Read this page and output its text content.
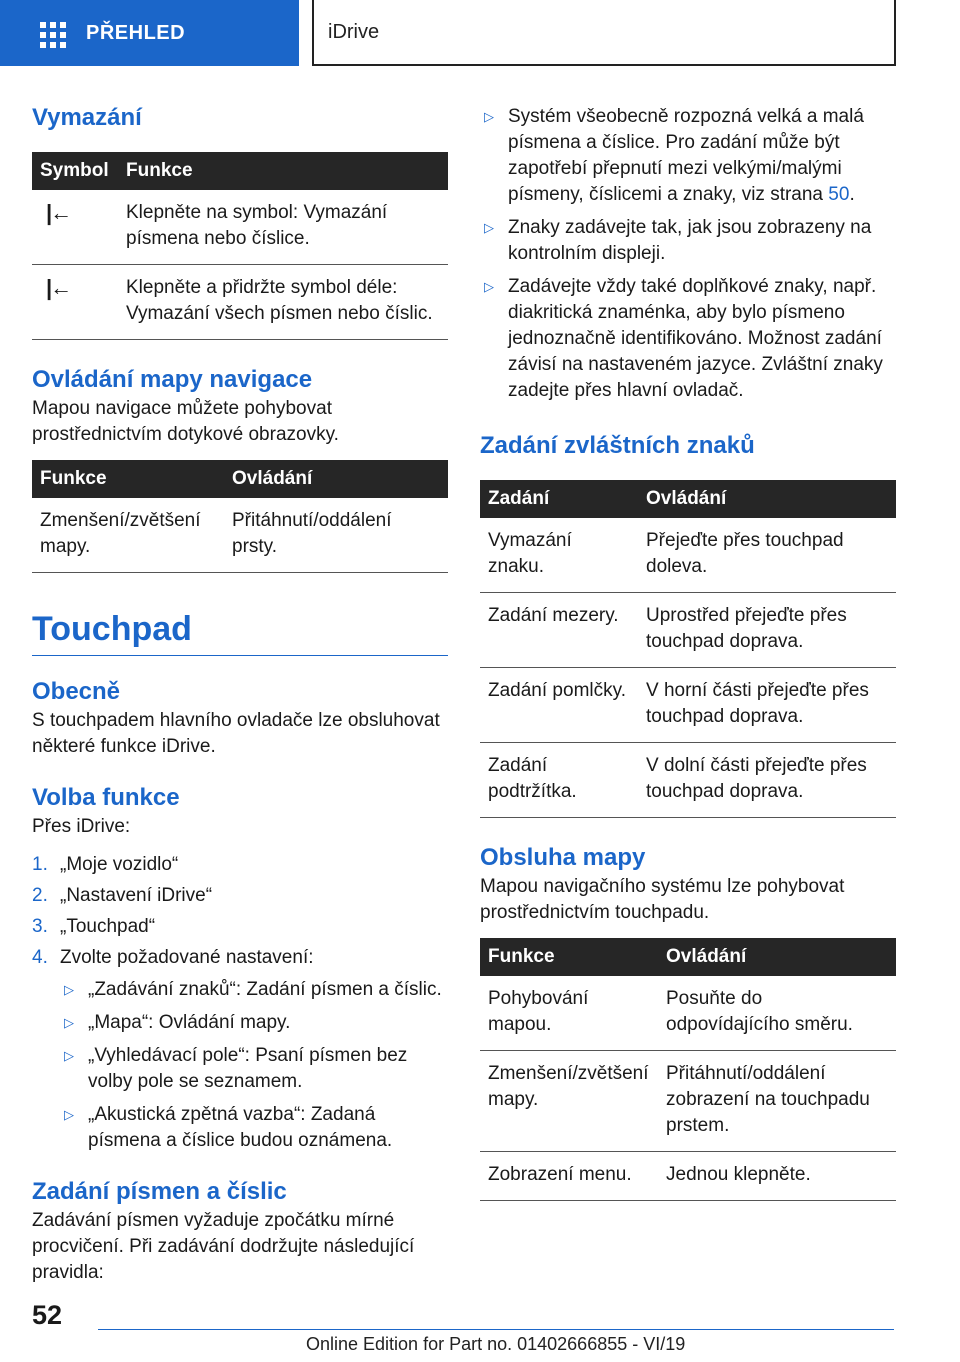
PŘEHLED	iDrive
Vymazání
Symbol	Funkce
|←	Klepněte na symbol: Vymazání písmena nebo číslice.
|←	Klepněte a přidržte symbol déle: Vymazání všech písmen nebo číslic.
Ovládání mapy navigace

Mapou navigace můžete pohybovat prostřednictvím dotykové obrazovky.

Funkce	Ovládání
Zmenšení/zvětšení mapy.	Přitáhnutí/oddálení prsty.
Touchpad
Obecně

S touchpadem hlavního ovladače lze obsluhovat některé funkce iDrive.

Volba funkce

Přes iDrive:

1. „Moje vozidlo“
2. „Nastavení iDrive“
3. „Touchpad“
4. Zvolte požadované nastavení:
▷ „Zadávání znaků“: Zadání písmen a číslic.
▷ „Mapa“: Ovládání mapy.
▷ „Vyhledávací pole“: Psaní písmen bez volby pole se seznamem.
▷ „Akustická zpětná vazba“: Zadaná písmena a číslice budou oznámena.
Zadání písmen a číslic

Zadávání písmen vyžaduje zpočátku mírné procvičení. Při zadávání dodržujte následující pravidla:

▷ Systém všeobecně rozpozná velká a malá písmena a číslice. Pro zadání může být zapotřebí přepnutí mezi velkými/malými písmeny, číslicemi a znaky, viz strana 50.
▷ Znaky zadávejte tak, jak jsou zobrazeny na kontrolním displeji.
▷ Zadávejte vždy také doplňkové znaky, např. diakritická znaménka, aby bylo písmeno jednoznačně identifikováno. Možnost zadání závisí na nastaveném jazyce. Zvláštní znaky zadejte přes hlavní ovladač.
Zadání zvláštních znaků
Zadání	Ovládání
Vymazání znaku.	Přejeďte přes touchpad doleva.
Zadání mezery.	Uprostřed přejeďte přes touchpad doprava.
Zadání pomlčky.	V horní části přejeďte přes touchpad doprava.
Zadání podtržítka.	V dolní části přejeďte přes touchpad doprava.
Obsluha mapy

Mapou navigačního systému lze pohybovat prostřednictvím touchpadu.

Funkce	Ovládání
Pohybování mapou.	Posuňte do odpovídajícího směru.
Zmenšení/zvětšení mapy.	Přitáhnutí/oddálení zobrazení na touchpadu prstem.
Zobrazení menu.	Jednou klepněte.
52
Online Edition for Part no. 01402666855 - VI/19
